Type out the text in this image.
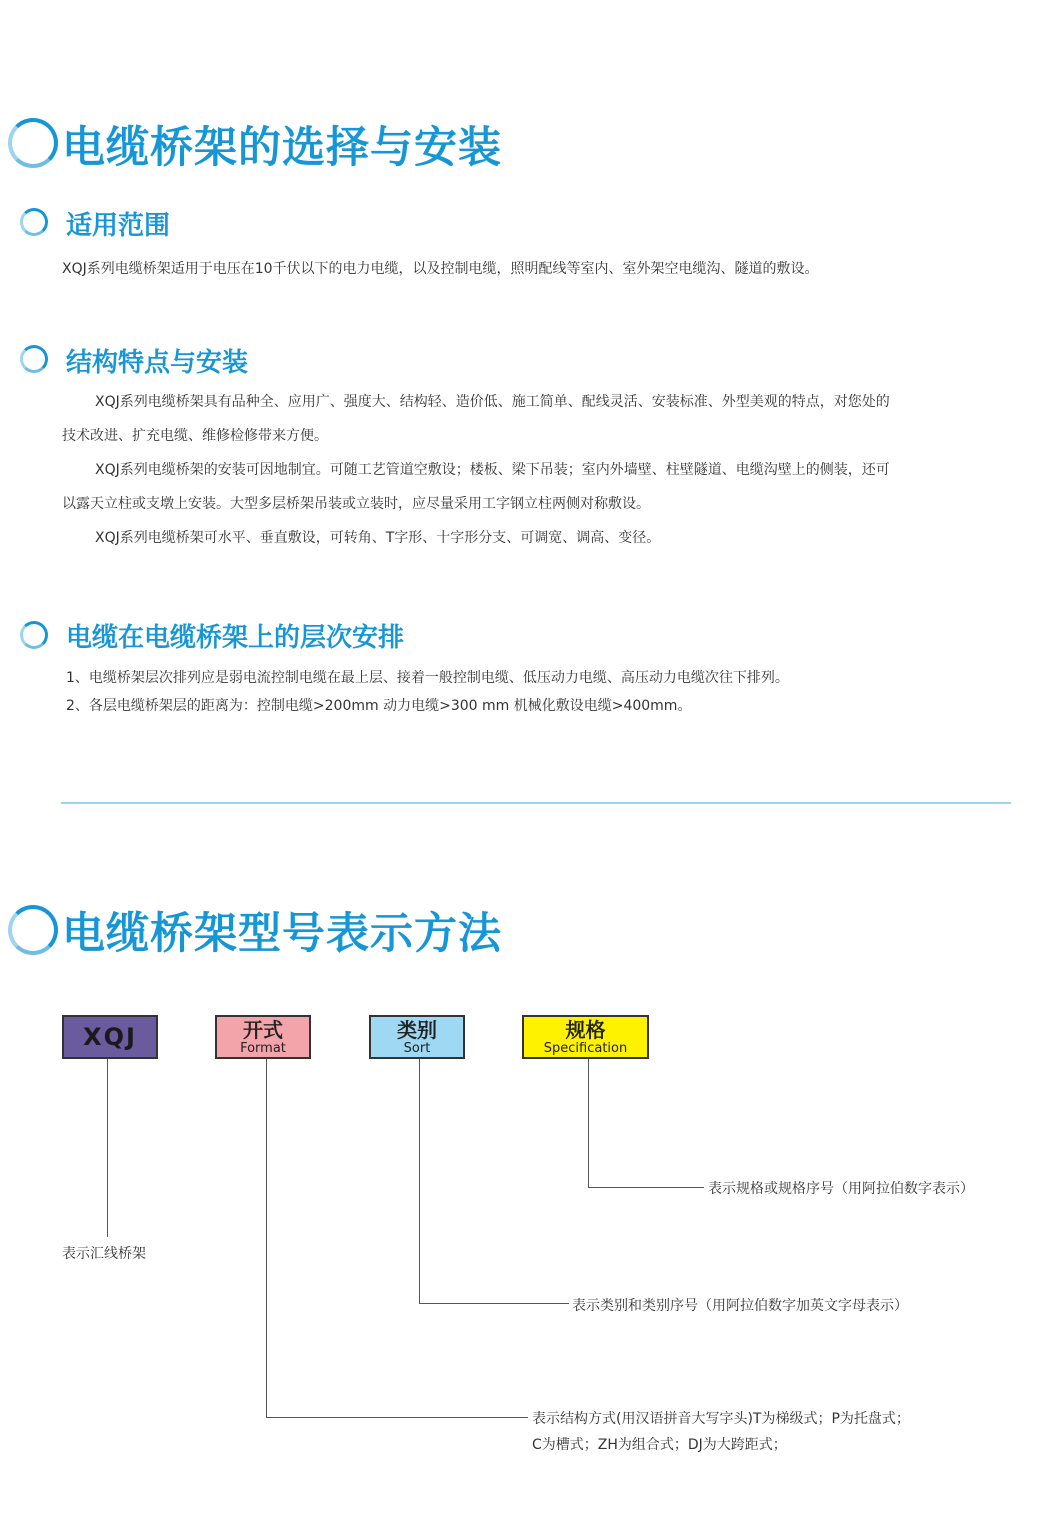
电缆桥架的选择与安装
适用范围
XQJ系列电缆桥架适用于电压在10千伏以下的电力电缆，以及控制电缆，照明配线等室内、室外架空电缆沟、隧道的敷设。
结构特点与安装
XQJ系列电缆桥架具有品种全、应用广、强度大、结构轻、造价低、施工简单、配线灵活、安装标准、外型美观的特点，对您处的
技术改进、扩充电缆、维修检修带来方便。
XQJ系列电缆桥架的安装可因地制宜。可随工艺管道空敷设；楼板、梁下吊装；室内外墙壁、柱壁隧道、电缆沟壁上的侧装，还可
以露天立柱或支墩上安装。大型多层桥架吊装或立装时，应尽量采用工字钢立柱两侧对称敷设。
XQJ系列电缆桥架可水平、垂直敷设，可转角、T字形、十字形分支、可调宽、调高、变径。
电缆在电缆桥架上的层次安排
1、电缆桥架层次排列应是弱电流控制电缆在最上层、接着一般控制电缆、低压动力电缆、高压动力电缆次往下排列。
2、各层电缆桥架层的距离为：控制电缆>200mm 动力电缆>300 mm 机械化敷设电缆>400mm。
电缆桥架型号表示方法
XQJ	开式
Format
类别
Sort
规格
Specification
表示汇线桥架
表示规格或规格序号（用阿拉伯数字表示）
表示类别和类别序号（用阿拉伯数字加英文字母表示）
表示结构方式(用汉语拼音大写字头)T为梯级式；P为托盘式；
C为槽式；ZH为组合式；DJ为大跨距式；
